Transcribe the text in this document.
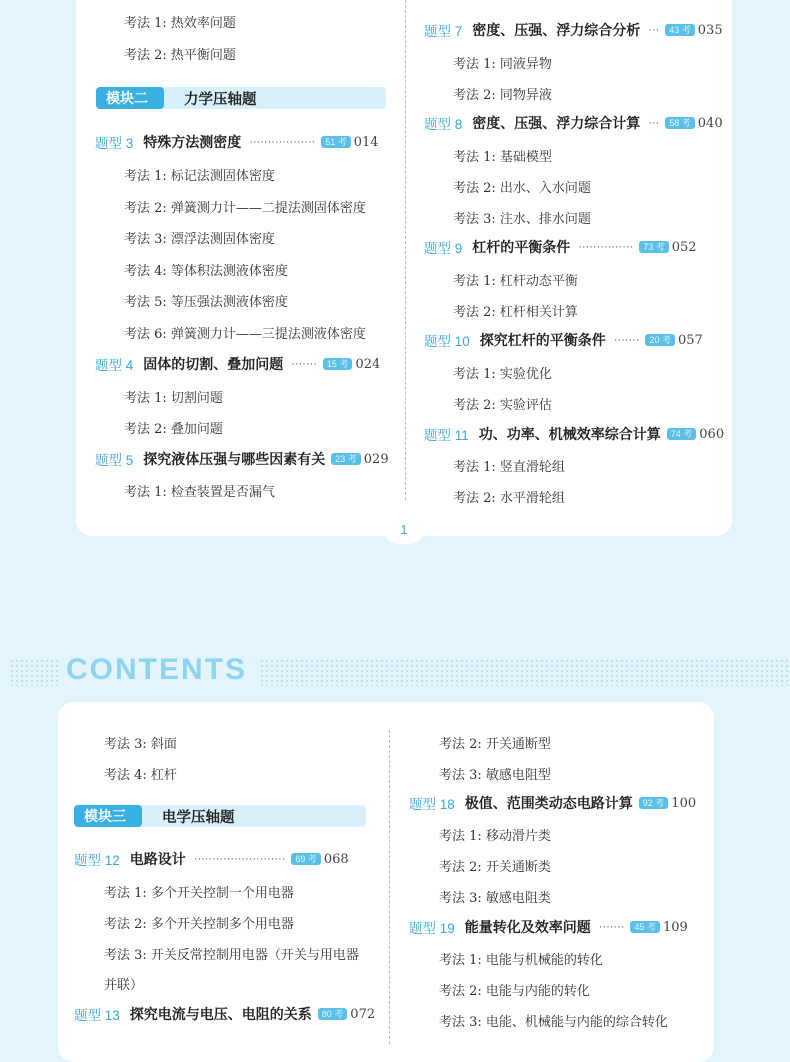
考法 1: 热效率问题
考法 2: 热平衡问题
模块二	力学压轴题
题型 3 特殊方法测密度 ··················	51 考 014
考法 1: 标记法测固体密度
考法 2: 弹簧测力计——二提法测固体密度
考法 3: 漂浮法测固体密度
考法 4: 等体积法测液体密度
考法 5: 等压强法测液体密度
考法 6: 弹簧测力计——三提法测液体密度
题型 4 固体的切割、叠加问题 ·······	15 考 024
考法 1: 切割问题
考法 2: 叠加问题
题型 5 探究液体压强与哪些因素有关	23 考 029
考法 1: 检查装置是否漏气
题型 7 密度、压强、浮力综合分析 ···	43 考 035
考法 1: 同液异物
考法 2: 同物异液
题型 8 密度、压强、浮力综合计算 ···	58 考 040
考法 1: 基础模型
考法 2: 出水、入水问题
考法 3: 注水、排水问题
题型 9 杠杆的平衡条件 ···············	73 考 052
考法 1: 杠杆动态平衡
考法 2: 杠杆相关计算
题型 10 探究杠杆的平衡条件 ·······	20 考 057
考法 1: 实验优化
考法 2: 实验评估
题型 11 功、功率、机械效率综合计算	74 考 060
考法 1: 竖直滑轮组
考法 2: 水平滑轮组
1
CONTENTS
考法 3: 斜面
考法 4: 杠杆
模块三	电学压轴题
题型 12 电路设计 ·························	69 考 068
考法 1: 多个开关控制一个用电器
考法 2: 多个开关控制多个用电器
考法 3: 开关反常控制用电器（开关与用电器
并联）
题型 13 探究电流与电压、电阻的关系	80 考 072
考法 2: 开关通断型
考法 3: 敏感电阻型
题型 18 极值、范围类动态电路计算	92 考 100
考法 1: 移动滑片类
考法 2: 开关通断类
考法 3: 敏感电阻类
题型 19 能量转化及效率问题 ·······	45 考 109
考法 1: 电能与机械能的转化
考法 2: 电能与内能的转化
考法 3: 电能、机械能与内能的综合转化
